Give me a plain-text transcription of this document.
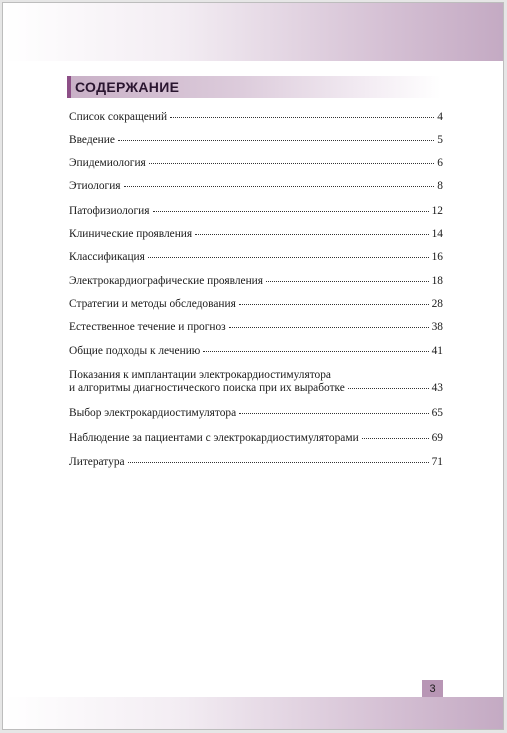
СОДЕРЖАНИЕ
Список сокращений	4
Введение	5
Эпидемиология	6
Этиология	8
Патофизиология	12
Клинические проявления	14
Классификация	16
Электрокардиографические проявления	18
Стратегии и методы обследования	28
Естественное течение и прогноз	38
Общие подходы к лечению	41
Показания к имплантации электрокардиостимулятора
и алгоритмы диагностического поиска при их выработке	43
Выбор электрокардиостимулятора	65
Наблюдение за пациентами с электрокардиостимуляторами	69
Литература	71
3
